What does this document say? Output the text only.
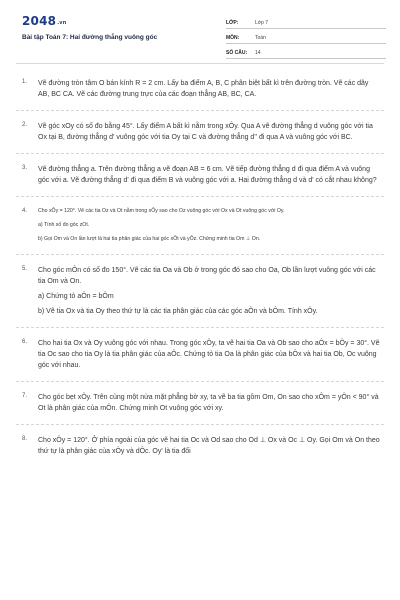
2048.vn
Bài tập Toán 7: Hai đường thẳng vuông góc
LỚP:	Lớp 7
MÔN:	Toán
SỐ CÂU:	14
1.	Vẽ đường tròn tâm O bán kính R = 2 cm. Lấy ba điểm A, B, C phân biệt bất kì trên đường tròn. Vẽ các dây AB, BC CA. Vẽ các đường trung trực của các đoạn thẳng AB, BC, CA.

2.	Vẽ góc xOy có số đo bằng 45°. Lấy điểm A bất kì nằm trong xÔy. Qua A vẽ đường thẳng d vuông góc với tia Ox tại B, đường thẳng d' vuông góc với tia Oy tại C và đường thẳng d'' đi qua A và vuông góc với BC.

3.	Vẽ đường thẳng a. Trên đường thẳng a vẽ đoạn AB = 6 cm. Vẽ tiếp đường thẳng d đi qua điểm A và vuông góc với a. Vẽ đường thẳng d' đi qua điểm B và vuông góc với a. Hai đường thẳng d và d' có cắt nhau không?

4.	Cho xÔy = 120°. Vẽ các tia Oz và Ot nằm trong xÔy sao cho Oz vuông góc với Ox và Ot vuông góc với Oy.

a) Tính số đo góc zOt.

b) Gọi Om và On lần lượt là hai tia phân giác của hai góc xÔt và yÔz. Chứng minh tia Om ⊥ On.

5.	Cho góc mÔn có số đo 150°. Vẽ các tia Oa và Ob ở trong góc đó sao cho Oa, Ob lần lượt vuông góc với các tia Om và On.

a) Chứng tỏ aÔn = bÔm

b) Vẽ tia Ox và tia Oy theo thứ tự là các tia phân giác của các góc aÔn và bÔm. Tính xÔy.

6.	Cho hai tia Ox và Oy vuông góc với nhau. Trong góc xÔy, ta vẽ hai tia Oa và Ob sao cho aÔx = bÔy = 30°. Vẽ tia Oc sao cho tia Oy là tia phân giác của aÔc. Chứng tỏ tia Oa là phân giác của bÔx và hai tia Ob, Oc vuông góc với nhau.

7.	Cho góc bẹt xÔy. Trên cùng một nửa mặt phẳng bờ xy, ta vẽ ba tia gồm Om, On sao cho xÔm = yÔn < 90° và Ot là phân giác của mÔn. Chứng minh Ot vuông góc với xy.

8.	Cho xÔy = 120°. Ở phía ngoài của góc vẽ hai tia Oc và Od sao cho Od ⊥ Ox và Oc ⊥ Oy. Gọi Om và On theo thứ tự là phân giác của xÔy và dÔc. Oy' là tia đối
